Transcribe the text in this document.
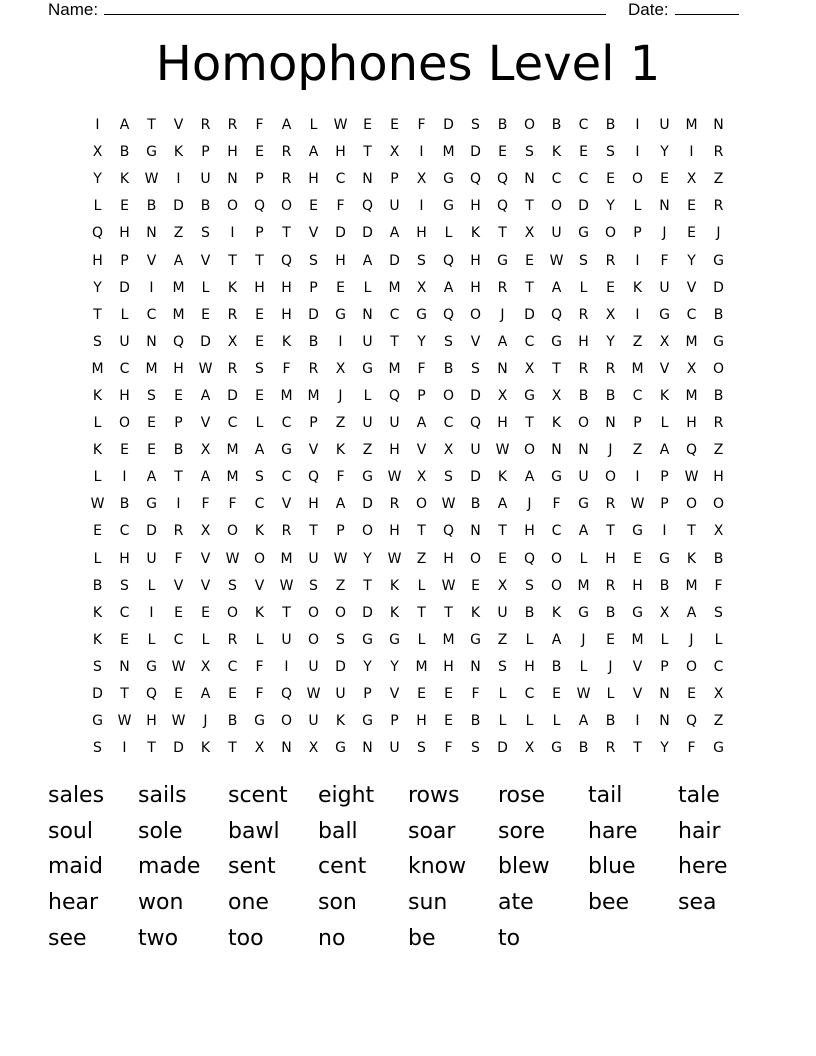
Name:	Date:
Homophones Level 1
I	A	T	V	R	R	F	A	L	W	E	E	F	D	S	B	O	B	C	B	I	U	M	N
X	B	G	K	P	H	E	R	A	H	T	X	I	M	D	E	S	K	E	S	I	Y	I	R
Y	K	W	I	U	N	P	R	H	C	N	P	X	G	Q	Q	N	C	C	E	O	E	X	Z
L	E	B	D	B	O	Q	O	E	F	Q	U	I	G	H	Q	T	O	D	Y	L	N	E	R
Q	H	N	Z	S	I	P	T	V	D	D	A	H	L	K	T	X	U	G	O	P	J	E	J
H	P	V	A	V	T	T	Q	S	H	A	D	S	Q	H	G	E	W	S	R	I	F	Y	G
Y	D	I	M	L	K	H	H	P	E	L	M	X	A	H	R	T	A	L	E	K	U	V	D
T	L	C	M	E	R	E	H	D	G	N	C	G	Q	O	J	D	Q	R	X	I	G	C	B
S	U	N	Q	D	X	E	K	B	I	U	T	Y	S	V	A	C	G	H	Y	Z	X	M	G
M	C	M	H	W	R	S	F	R	X	G	M	F	B	S	N	X	T	R	R	M	V	X	O
K	H	S	E	A	D	E	M	M	J	L	Q	P	O	D	X	G	X	B	B	C	K	M	B
L	O	E	P	V	C	L	C	P	Z	U	U	A	C	Q	H	T	K	O	N	P	L	H	R
K	E	E	B	X	M	A	G	V	K	Z	H	V	X	U	W	O	N	N	J	Z	A	Q	Z
L	I	A	T	A	M	S	C	Q	F	G	W	X	S	D	K	A	G	U	O	I	P	W	H
W	B	G	I	F	F	C	V	H	A	D	R	O	W	B	A	J	F	G	R	W	P	O	O
E	C	D	R	X	O	K	R	T	P	O	H	T	Q	N	T	H	C	A	T	G	I	T	X
L	H	U	F	V	W	O	M	U	W	Y	W	Z	H	O	E	Q	O	L	H	E	G	K	B
B	S	L	V	V	S	V	W	S	Z	T	K	L	W	E	X	S	O	M	R	H	B	M	F
K	C	I	E	E	O	K	T	O	O	D	K	T	T	K	U	B	K	G	B	G	X	A	S
K	E	L	C	L	R	L	U	O	S	G	G	L	M	G	Z	L	A	J	E	M	L	J	L
S	N	G	W	X	C	F	I	U	D	Y	Y	M	H	N	S	H	B	L	J	V	P	O	C
D	T	Q	E	A	E	F	Q	W	U	P	V	E	E	F	L	C	E	W	L	V	N	E	X
G	W	H	W	J	B	G	O	U	K	G	P	H	E	B	L	L	L	A	B	I	N	Q	Z
S	I	T	D	K	T	X	N	X	G	N	U	S	F	S	D	X	G	B	R	T	Y	F	G
sales	sails	scent	eight	rows	rose	tail	tale
soul	sole	bawl	ball	soar	sore	hare	hair
maid	made	sent	cent	know	blew	blue	here
hear	won	one	son	sun	ate	bee	sea
see	two	too	no	be	to
